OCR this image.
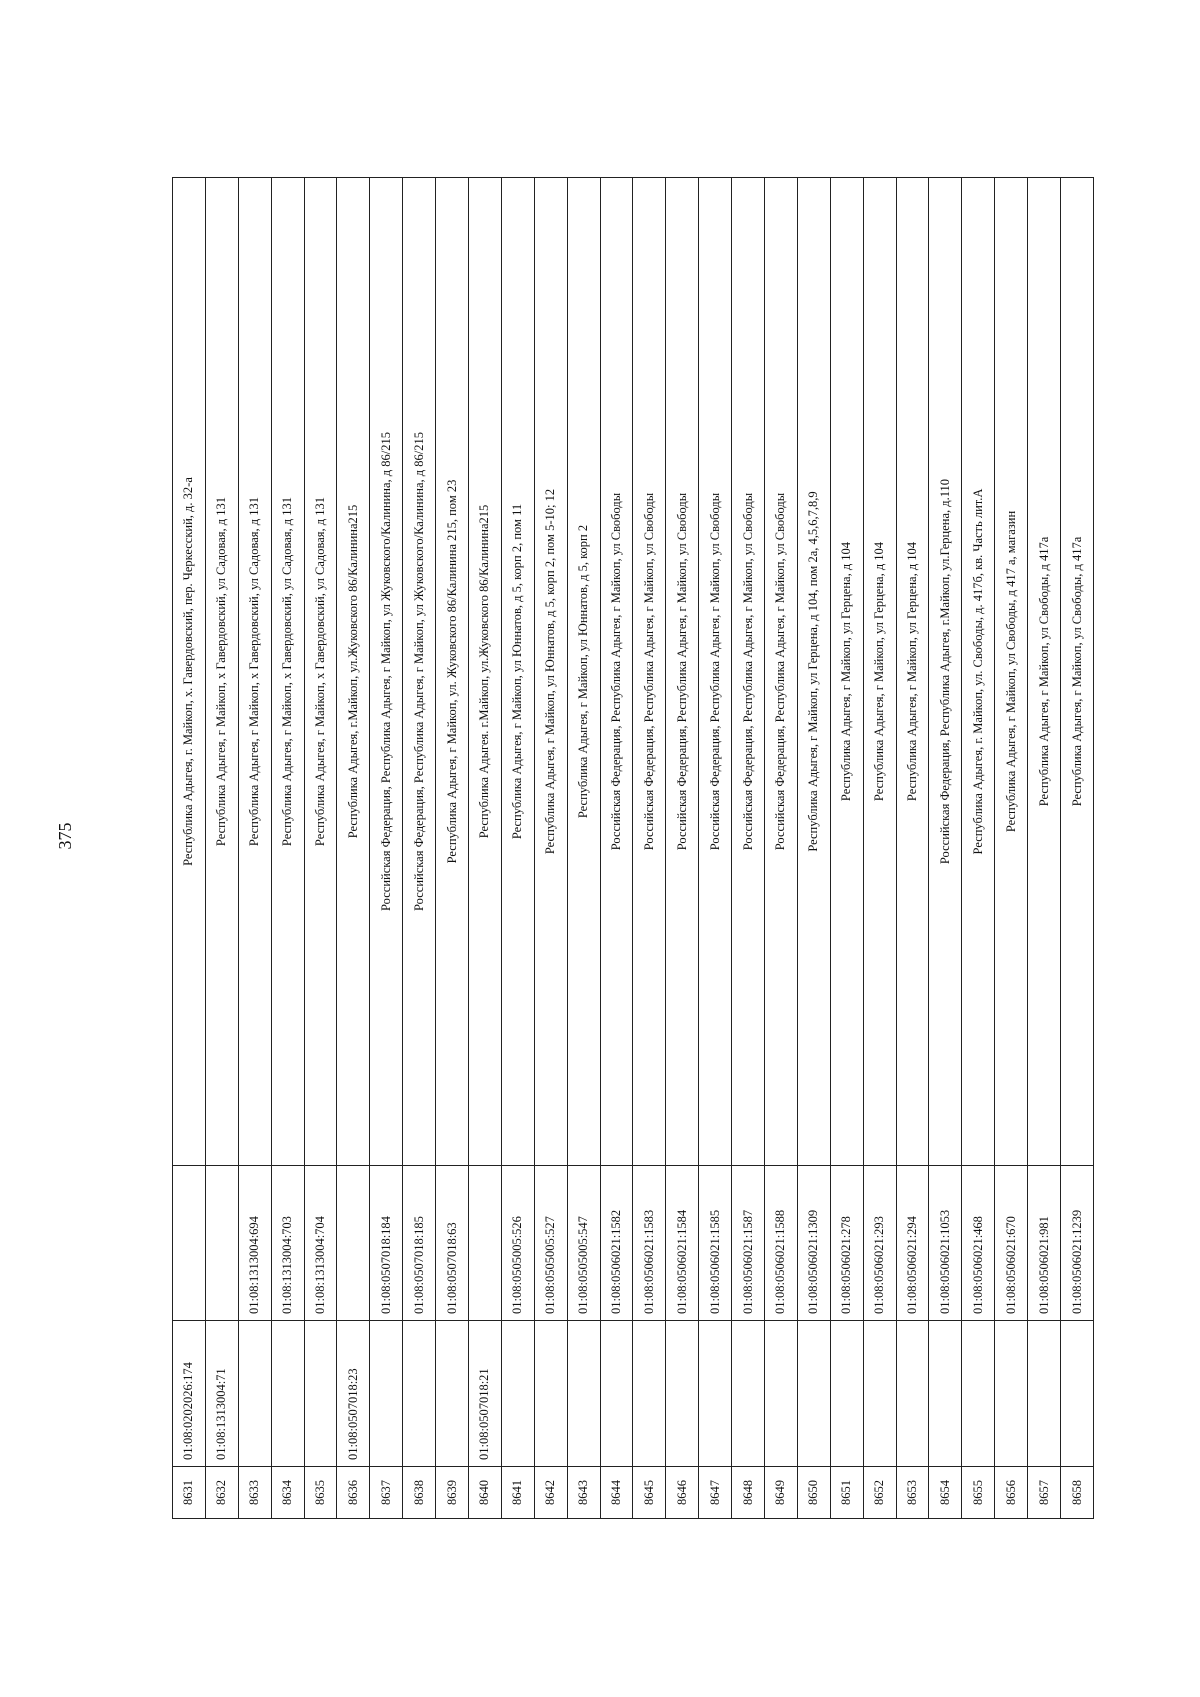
375
8631	01:08:0202026:174		Республика Адыгея, г. Майкоп, х. Гавердовский, пер. Черкесский, д. 32-а
8632	01:08:1313004:71		Республика Адыгея, г Майкоп, х Гавердовский, ул Садовая, д 131
8633		01:08:1313004:694	Республика Адыгея, г Майкоп, х Гавердовский, ул Садовая, д 131
8634		01:08:1313004:703	Республика Адыгея, г Майкоп, х Гавердовский, ул Садовая, д 131
8635		01:08:1313004:704	Республика Адыгея, г Майкоп, х Гавердовский, ул Садовая, д 131
8636	01:08:0507018:23		Республика Адыгея, г.Майкоп, ул.Жуковского 86/Калинина215
8637		01:08:0507018:184	Российская Федерация, Республика Адыгея, г Майкоп, ул Жуковского/Калинина, д 86/215
8638		01:08:0507018:185	Российская Федерация, Республика Адыгея, г Майкоп, ул Жуковского/Калинина, д 86/215
8639		01:08:0507018:63	Республика Адыгея, г Майкоп, ул. Жуковского 86/Калинина 215, пом 23
8640	01:08:0507018:21		Республика Адыгея. г.Майкоп, ул.Жуковского 86/Калинина215
8641		01:08:0505005:526	Республика Адыгея, г Майкоп, ул Юннатов, д 5, корп 2, пом 11
8642		01:08:0505005:527	Республика Адыгея, г Майкоп, ул Юннатов, д 5, корп 2, пом 5-10; 12
8643		01:08:0505005:547	Республика Адыгея, г Майкоп, ул Юннатов, д 5, корп 2
8644		01:08:0506021:1582	Российская Федерация, Республика Адыгея, г Майкоп, ул Свободы
8645		01:08:0506021:1583	Российская Федерация, Республика Адыгея, г Майкоп, ул Свободы
8646		01:08:0506021:1584	Российская Федерация, Республика Адыгея, г Майкоп, ул Свободы
8647		01:08:0506021:1585	Российская Федерация, Республика Адыгея, г Майкоп, ул Свободы
8648		01:08:0506021:1587	Российская Федерация, Республика Адыгея, г Майкоп, ул Свободы
8649		01:08:0506021:1588	Российская Федерация, Республика Адыгея, г Майкоп, ул Свободы
8650		01:08:0506021:1309	Республика Адыгея, г Майкоп, ул Герцена, д 104, пом 2а, 4,5,6,7,8,9
8651		01:08:0506021:278	Республика Адыгея, г Майкоп, ул Герцена, д 104
8652		01:08:0506021:293	Республика Адыгея, г Майкоп, ул Герцена, д 104
8653		01:08:0506021:294	Республика Адыгея, г Майкоп, ул Герцена, д 104
8654		01:08:0506021:1053	Российская Федерация, Республика Адыгея, г.Майкоп, ул.Герцена, д.110
8655		01:08:0506021:468	Республика Адыгея, г. Майкоп, ул. Свободы, д. 417б, кв. Часть лит.А
8656		01:08:0506021:670	Республика Адыгея, г Майкоп, ул Свободы, д 417 а, магазин
8657		01:08:0506021:981	Республика Адыгея, г Майкоп, ул Свободы, д 417а
8658		01:08:0506021:1239	Республика Адыгея, г Майкоп, ул Свободы, д 417а
